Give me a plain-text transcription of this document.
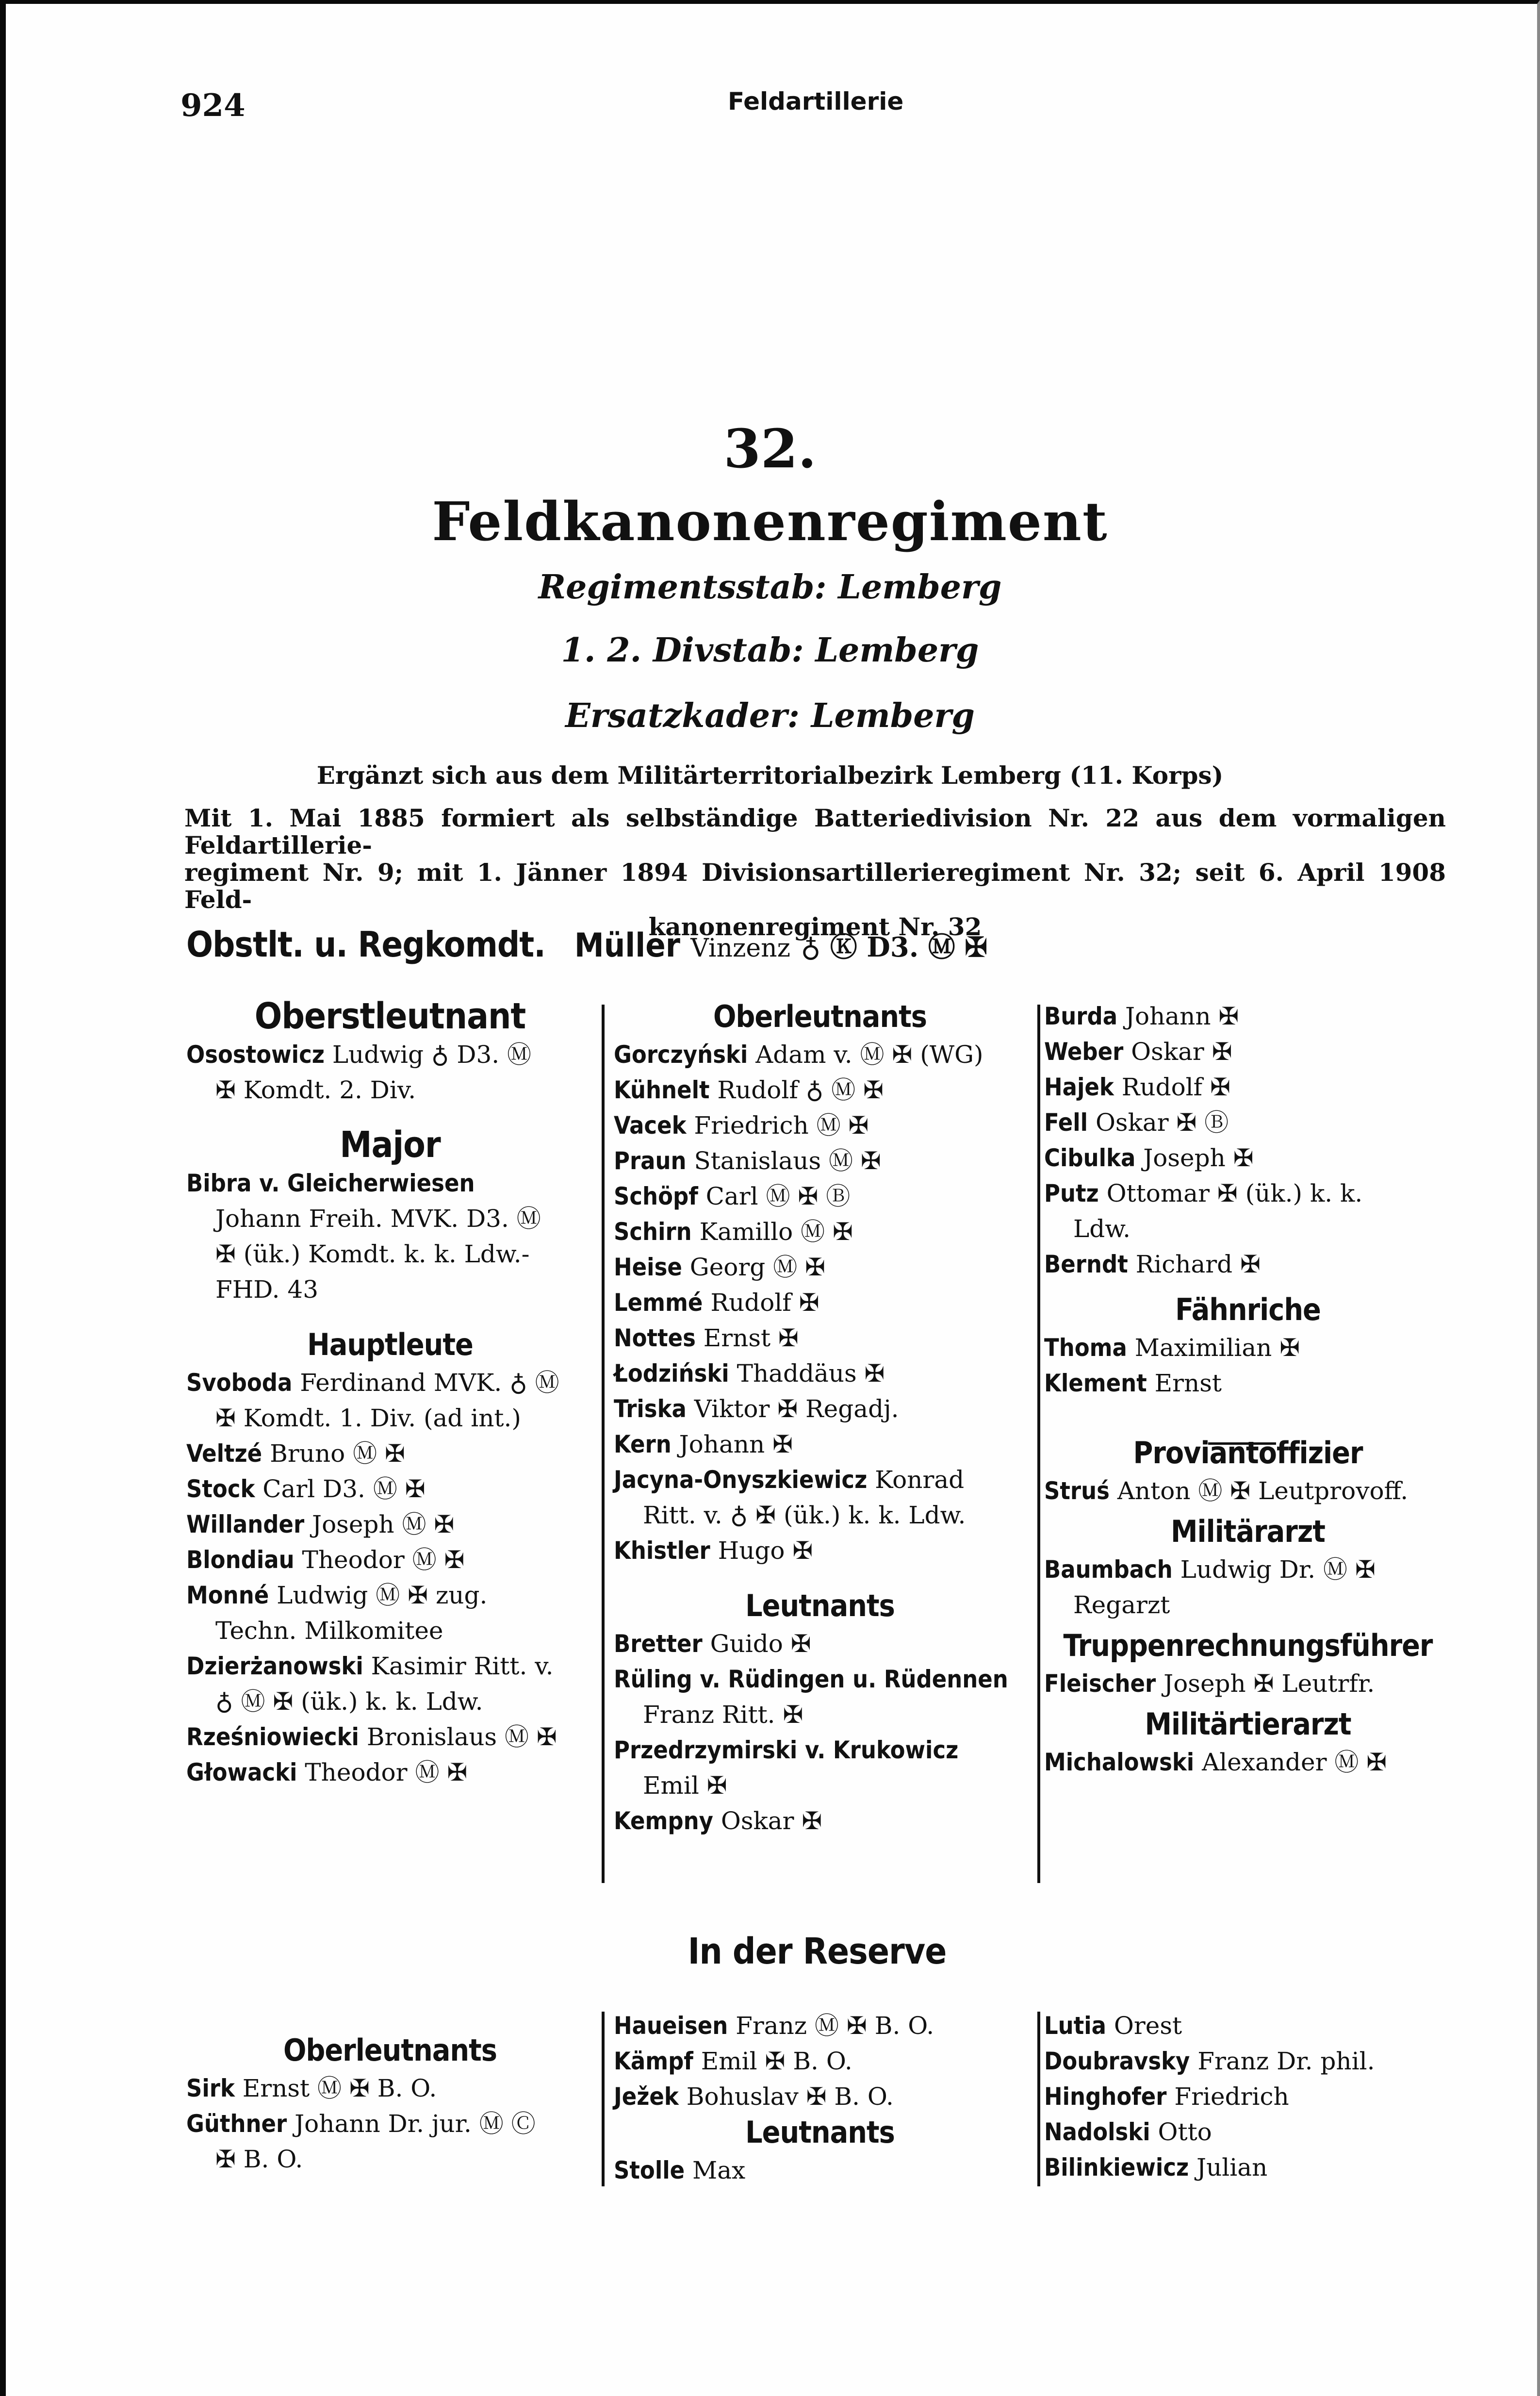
924	Feldartillerie
32.
Feldkanonenregiment
Regimentsstab: Lemberg
1. 2. Divstab: Lemberg
Ersatzkader: Lemberg
Ergänzt sich aus dem Militärterritorialbezirk Lemberg (11. Korps)
Mit 1. Mai 1885 formiert als selbständige Batteriedivision Nr. 22 aus dem vormaligen Feldartillerie-
regiment Nr. 9; mit 1. Jänner 1894 Divisionsartillerieregiment Nr. 32; seit 6. April 1908 Feld-
kanonenregiment Nr. 32
Obstlt. u. Regkomdt. Müller Vinzenz ♁ Ⓚ D3. Ⓜ ✠
Oberstleutnant
Osostowicz Ludwig ♁ D3. Ⓜ
✠ Komdt. 2. Div.
Major
Bibra v. Gleicherwiesen
Johann Freih. MVK. D3. Ⓜ
✠ (ük.) Komdt. k. k. Ldw.-
FHD. 43
Hauptleute
Svoboda Ferdinand MVK. ♁ Ⓜ
✠ Komdt. 1. Div. (ad int.)
Veltzé Bruno Ⓜ ✠
Stock Carl D3. Ⓜ ✠
Willander Joseph Ⓜ ✠
Blondiau Theodor Ⓜ ✠
Monné Ludwig Ⓜ ✠ zug.
Techn. Milkomitee
Dzierżanowski Kasimir Ritt. v.
♁ Ⓜ ✠ (ük.) k. k. Ldw.
Rześniowiecki Bronislaus Ⓜ ✠
Głowacki Theodor Ⓜ ✠
Oberleutnants
Gorczyński Adam v. Ⓜ ✠ (WG)
Kühnelt Rudolf ♁ Ⓜ ✠
Vacek Friedrich Ⓜ ✠
Praun Stanislaus Ⓜ ✠
Schöpf Carl Ⓜ ✠ Ⓑ
Schirn Kamillo Ⓜ ✠
Heise Georg Ⓜ ✠
Lemmé Rudolf ✠
Nottes Ernst ✠
Łodziński Thaddäus ✠
Triska Viktor ✠ Regadj.
Kern Johann ✠
Jacyna-Onyszkiewicz Konrad
Ritt. v. ♁ ✠ (ük.) k. k. Ldw.
Khistler Hugo ✠
Leutnants
Bretter Guido ✠
Rüling v. Rüdingen u. Rüdennen
Franz Ritt. ✠
Przedrzymirski v. Krukowicz
Emil ✠
Kempny Oskar ✠
Burda Johann ✠
Weber Oskar ✠
Hajek Rudolf ✠
Fell Oskar ✠ Ⓑ
Cibulka Joseph ✠
Putz Ottomar ✠ (ük.) k. k.
Ldw.
Berndt Richard ✠
Fähnriche
Thoma Maximilian ✠
Klement Ernst
Proviantoffizier
Struś Anton Ⓜ ✠ Leutprovoff.
Militärarzt
Baumbach Ludwig Dr. Ⓜ ✠
Regarzt
Truppenrechnungsführer
Fleischer Joseph ✠ Leutrfr.
Militärtierarzt
Michalowski Alexander Ⓜ ✠
In der Reserve
Oberleutnants
Sirk Ernst Ⓜ ✠ B. O.
Güthner Johann Dr. jur. Ⓜ Ⓒ
✠ B. O.
Haueisen Franz Ⓜ ✠ B. O.
Kämpf Emil ✠ B. O.
Ježek Bohuslav ✠ B. O.
Leutnants
Stolle Max
Lutia Orest
Doubravsky Franz Dr. phil.
Hinghofer Friedrich
Nadolski Otto
Bilinkiewicz Julian
